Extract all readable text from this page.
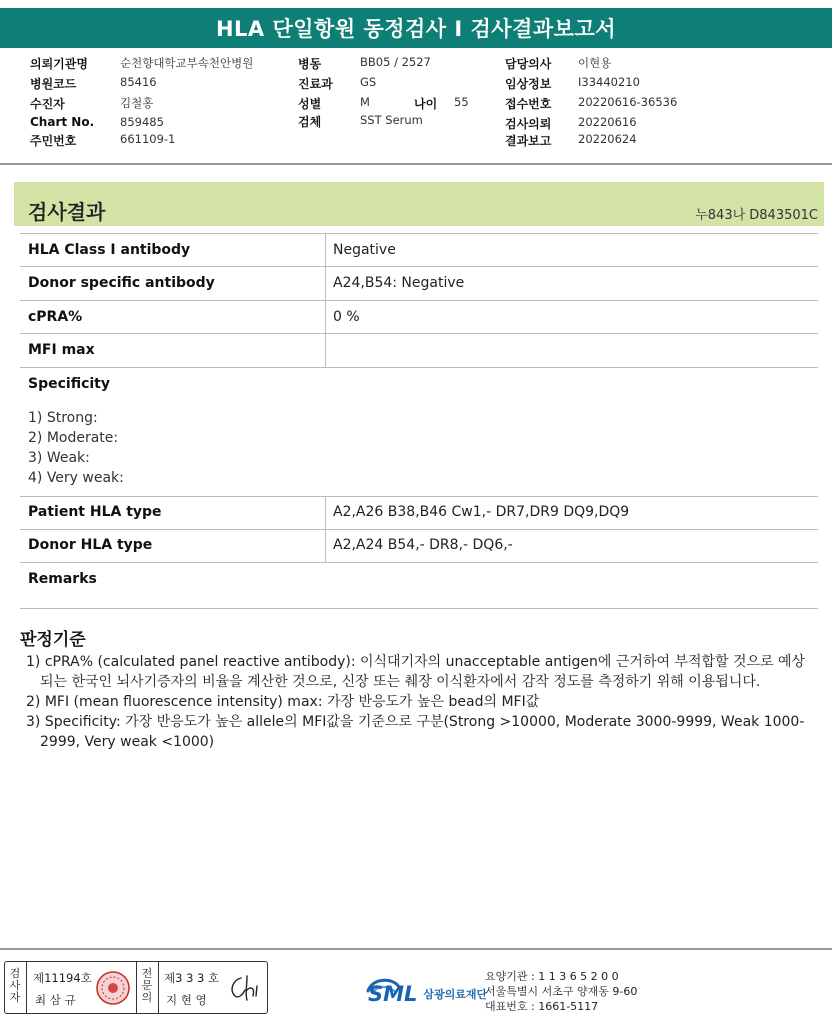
HLA 단일항원 동정검사 I 검사결과보고서
의뢰기관명	순천향대학교부속천안병원
병원코드	85416
수진자	김철홍
Chart No. 859485
주민번호	661109-1
병동	BB05 / 2527
진료과 GS
성별	M	나이 55
검체	SST Serum
담당의사 이현용
임상정보 I33440210
접수번호 20220616-36536
검사의뢰 20220616
결과보고 20220624
검사결과	누843나 D843501C
HLA Class I antibody	Negative
Donor specific antibody	A24,B54: Negative
cPRA%	0 %
MFI max
Specificity
1) Strong:
2) Moderate:
3) Weak:
4) Very weak:
Patient HLA type	A2,A26 B38,B46 Cw1,- DR7,DR9 DQ9,DQ9
Donor HLA type	A2,A24 B54,- DR8,- DQ6,-
Remarks
판정기준
1) cPRA% (calculated panel reactive antibody): 이식대기자의 unacceptable antigen에 근거하여 부적합할 것으로 예상되는 한국인 뇌사기증자의 비율을 계산한 것으로, 신장 또는 췌장 이식환자에서 감작 정도를 측정하기 위해 이용됩니다.
2) MFI (mean fluorescence intensity) max: 가장 반응도가 높은 bead의 MFI값
3) Specificity: 가장 반응도가 높은 allele의 MFI값을 기준으로 구분(Strong >10000, Moderate 3000-9999, Weak 1000-2999, Very weak <1000)
검사자
제11194호
최 삼 규
전문의
제3 3 3 호
지 현 영	SML 삼광의료재단
요양기관 : 1 1 3 6 5 2 0 0
서울특별시 서초구 양재동 9-60
대표번호 : 1661-5117
